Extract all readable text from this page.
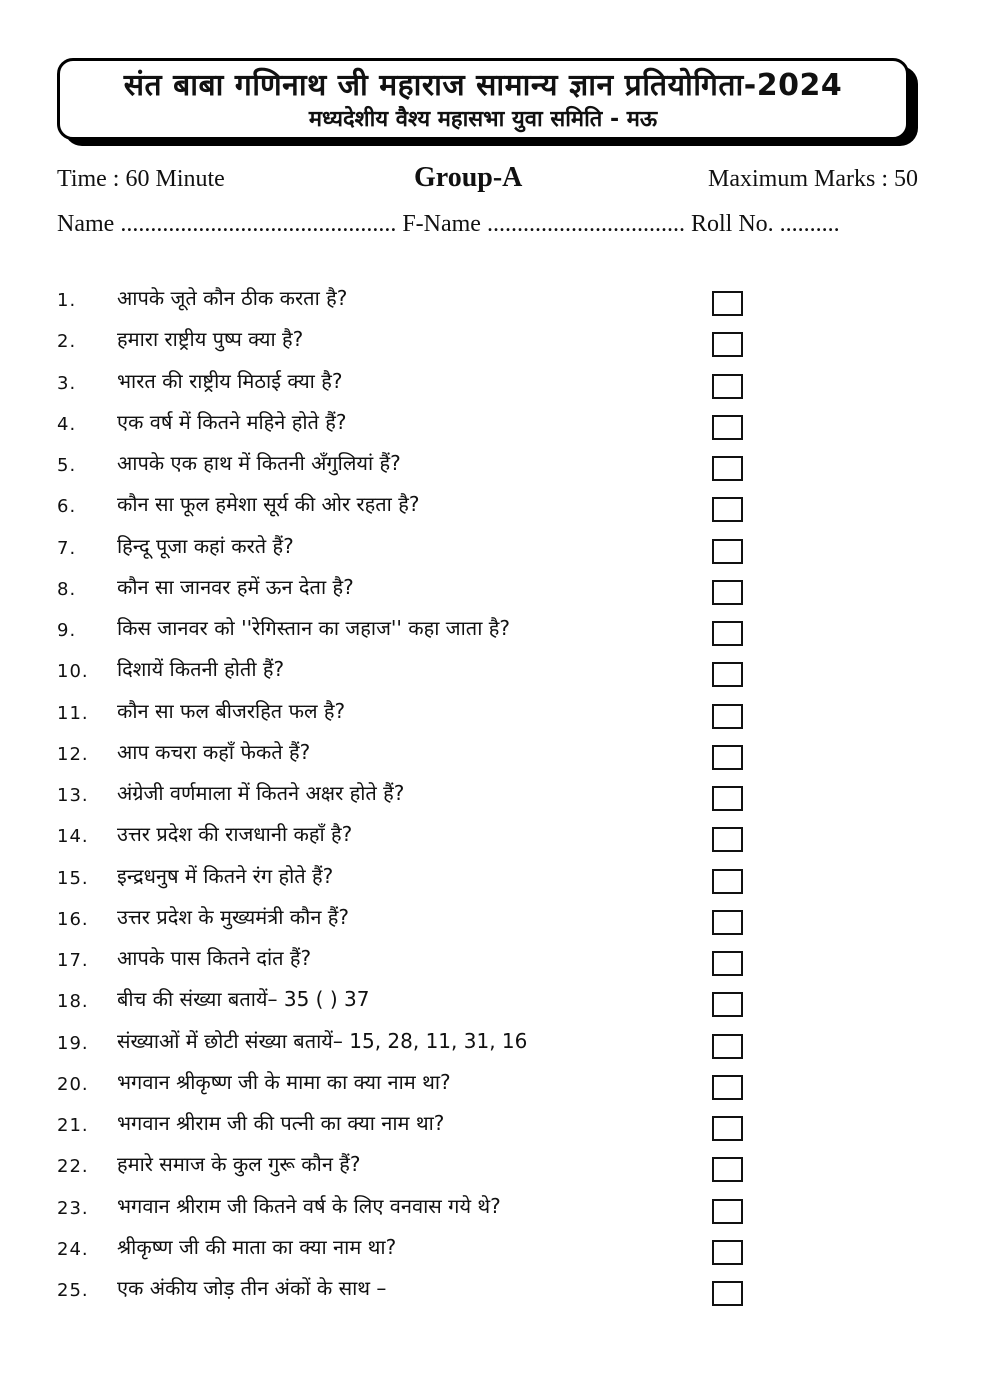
संत बाबा गणिनाथ जी महाराज सामान्य ज्ञान प्रतियोगिता-2024
मध्यदेशीय वैश्य महासभा युवा समिति - मऊ
Time : 60 Minute	Group-A	Maximum Marks : 50
Name .............................................. F-Name ................................. Roll No. ..........
1. आपके जूते कौन ठीक करता है?
2. हमारा राष्ट्रीय पुष्प क्या है?
3. भारत की राष्ट्रीय मिठाई क्या है?
4. एक वर्ष में कितने महिने होते हैं?
5. आपके एक हाथ में कितनी अँगुलियां हैं?
6. कौन सा फूल हमेशा सूर्य की ओर रहता है?
7. हिन्दू पूजा कहां करते हैं?
8. कौन सा जानवर हमें ऊन देता है?
9. किस जानवर को ''रेगिस्तान का जहाज'' कहा जाता है?
10. दिशायें कितनी होती हैं?
11. कौन सा फल बीजरहित फल है?
12. आप कचरा कहाँ फेकते हैं?
13. अंग्रेजी वर्णमाला में कितने अक्षर होते हैं?
14. उत्तर प्रदेश की राजधानी कहाँ है?
15. इन्द्रधनुष में कितने रंग होते हैं?
16. उत्तर प्रदेश के मुख्यमंत्री कौन हैं?
17. आपके पास कितने दांत हैं?
18. बीच की संख्या बतायें– 35 ( ) 37
19. संख्याओं में छोटी संख्या बतायें– 15, 28, 11, 31, 16
20. भगवान श्रीकृष्ण जी के मामा का क्या नाम था?
21. भगवान श्रीराम जी की पत्नी का क्या नाम था?
22. हमारे समाज के कुल गुरू कौन हैं?
23. भगवान श्रीराम जी कितने वर्ष के लिए वनवास गये थे?
24. श्रीकृष्ण जी की माता का क्या नाम था?
25. एक अंकीय जोड़ तीन अंकों के साथ –
